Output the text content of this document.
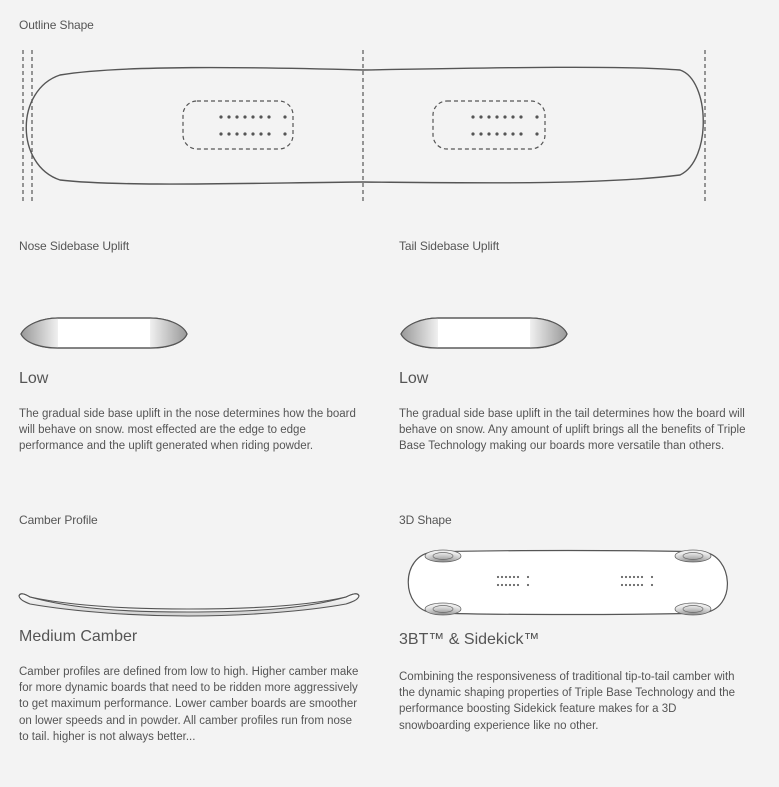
Outline Shape
Nose Sidebase Uplift
Low
The gradual side base uplift in the nose determines how the board will behave on snow. most effected are the edge to edge performance and the uplift generated when riding powder.
Tail Sidebase Uplift
Low
The gradual side base uplift in the tail determines how the board will behave on snow. Any amount of uplift brings all the benefits of Triple Base Technology making our boards more versatile than others.
Camber Profile
Medium Camber
Camber profiles are defined from low to high. Higher camber make for more dynamic boards that need to be ridden more aggressively to get maximum performance. Lower camber boards are smoother on lower speeds and in powder. All camber profiles run from nose to tail. higher is not always better...
3D Shape
3BT™ & Sidekick™
Combining the responsiveness of traditional tip-to-tail camber with the dynamic shaping properties of Triple Base Technology and the performance boosting Sidekick feature makes for a 3D snowboarding experience like no other.
